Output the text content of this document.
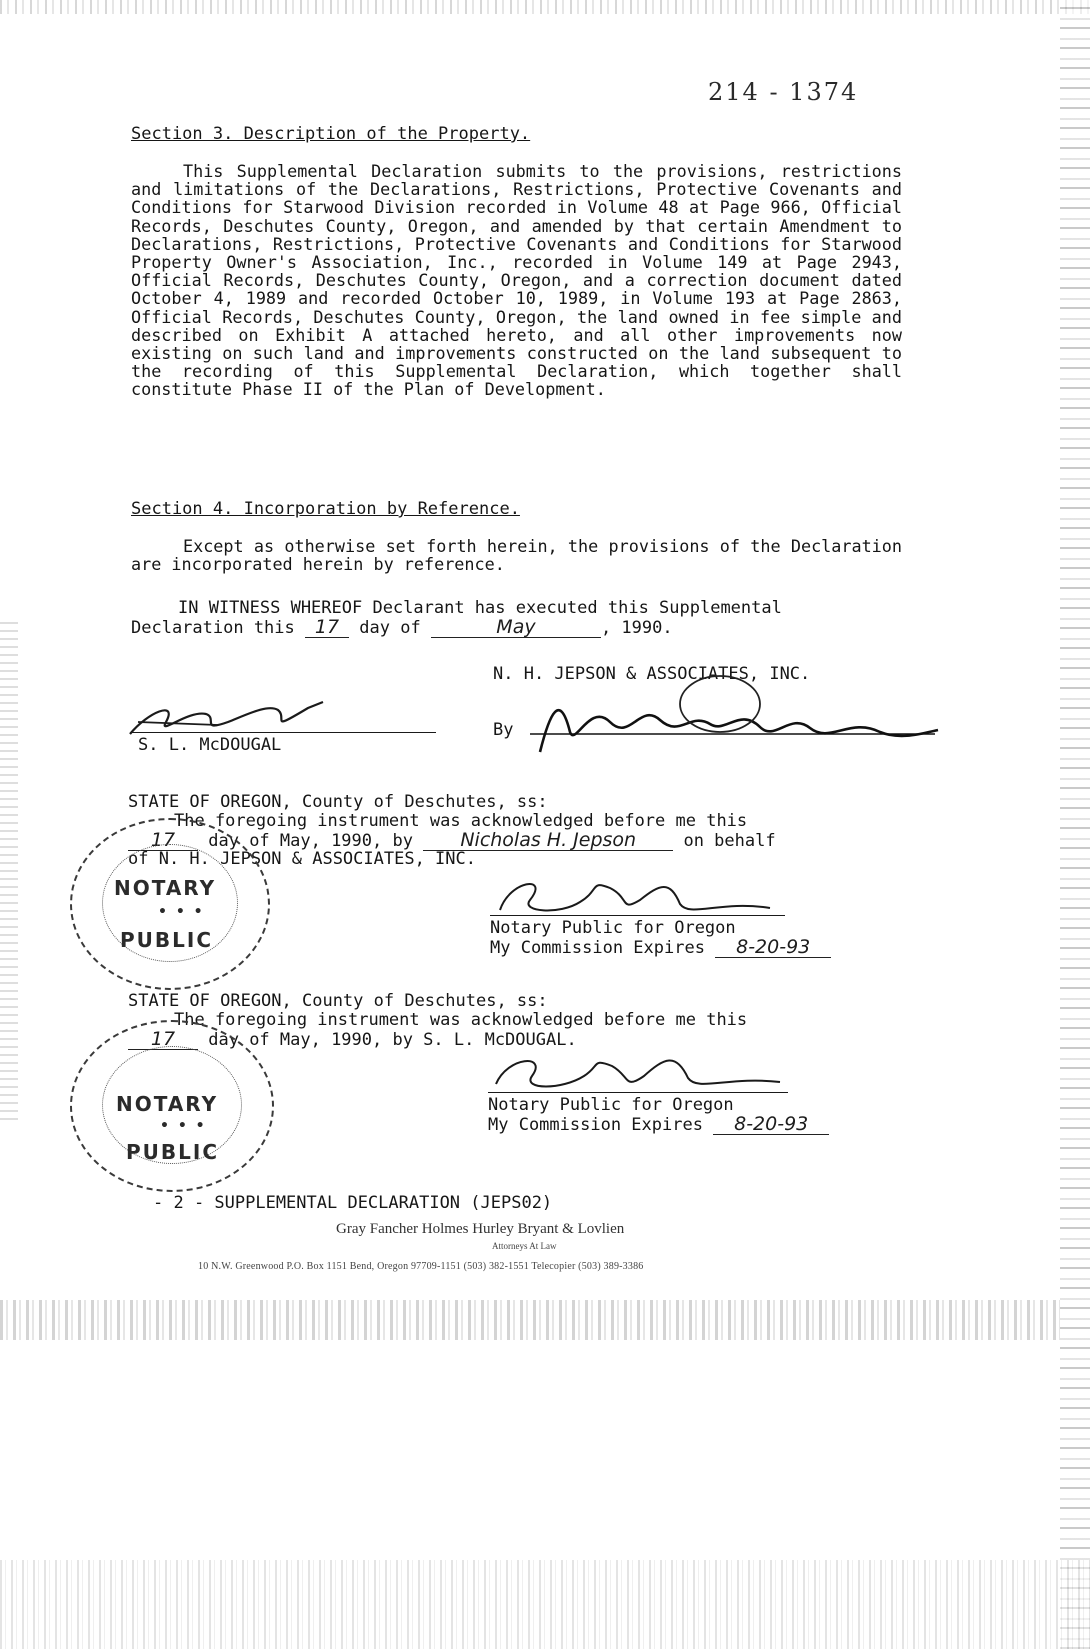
214 - 1374
Section 3. Description of the Property.
This Supplemental Declaration submits to the provisions, restrictions and limitations of the Declarations, Restrictions, Protective Covenants and Conditions for Starwood Division recorded in Volume 48 at Page 966, Official Records, Deschutes County, Oregon, and amended by that certain Amendment to Declarations, Restrictions, Protective Covenants and Conditions for Starwood Property Owner's Association, Inc., recorded in Volume 149 at Page 2943, Official Records, Deschutes County, Oregon, and a correction document dated October 4, 1989 and recorded October 10, 1989, in Volume 193 at Page 2863, Official Records, Deschutes County, Oregon, the land owned in fee simple and described on Exhibit A attached hereto, and all other improvements now existing on such land and improvements constructed on the land subsequent to the recording of this Supplemental Declaration, which together shall constitute Phase II of the Plan of Development.
Section 4. Incorporation by Reference.
Except as otherwise set forth herein, the provisions of the Declaration are incorporated herein by reference.
IN WITNESS WHEREOF Declarant has executed this Supplemental
Declaration this 17 day of	May	, 1990.
N. H. JEPSON & ASSOCIATES, INC.
S. L. McDOUGAL
By
STATE OF OREGON, County of Deschutes, ss:
The foregoing instrument was acknowledged before me this
17 day of May, 1990, by Nicholas H. Jepson	on behalf
of N. H. JEPSON & ASSOCIATES, INC.
Notary Public for Oregon
My Commission Expires 8-20-93
NOTARY
• • •
PUBLIC
STATE OF OREGON, County of Deschutes, ss:
The foregoing instrument was acknowledged before me this
17 day of May, 1990, by S. L. McDOUGAL.
Notary Public for Oregon
My Commission Expires 8-20-93
NOTARY
• • •
PUBLIC
- 2 - SUPPLEMENTAL DECLARATION (JEPS02)
Gray Fancher Holmes Hurley Bryant & Lovlien
Attorneys At Law
10 N.W. Greenwood P.O. Box 1151 Bend, Oregon 97709-1151 (503) 382-1551 Telecopier (503) 389-3386
